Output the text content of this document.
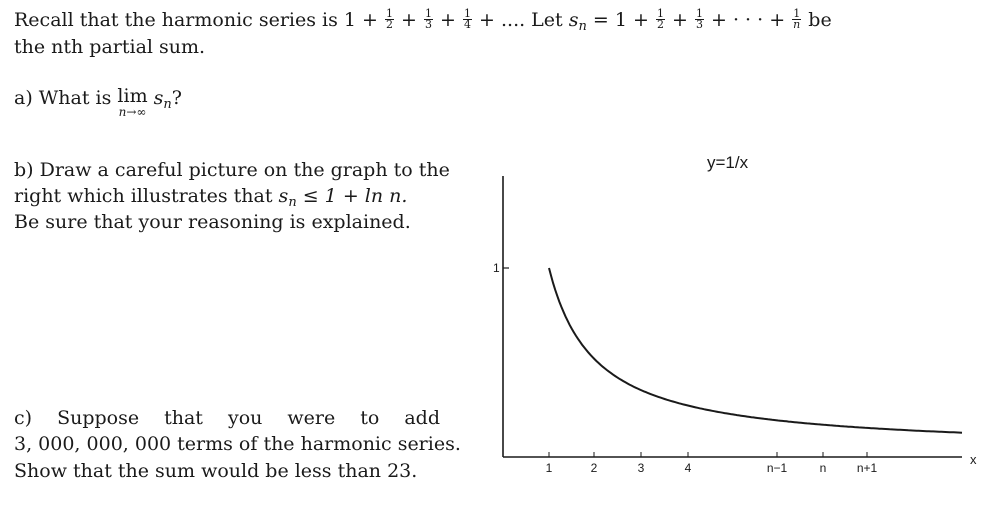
Recall that the harmonic series is $1 + \frac{1}{2} + \frac{1}{3} + \frac{1}{4}$ + .... Let $s_n = 1 + \frac{1}{2} + \frac{1}{3}$ + · · · + $\frac{1}{n}$ be
the nth partial sum.
a) What is lim
n→∞
$s_n$?
b) Draw a careful picture on the graph to the
right which illustrates that $s_n \le 1 + \ln n$.
Be sure that your reasoning is explained.
c) Suppose that you were to add
3, 000, 000, 000 terms of the harmonic series.
Show that the sum would be less than 23.
1
y=1/x
x
1	2	3	4	n−1	n	n+1
